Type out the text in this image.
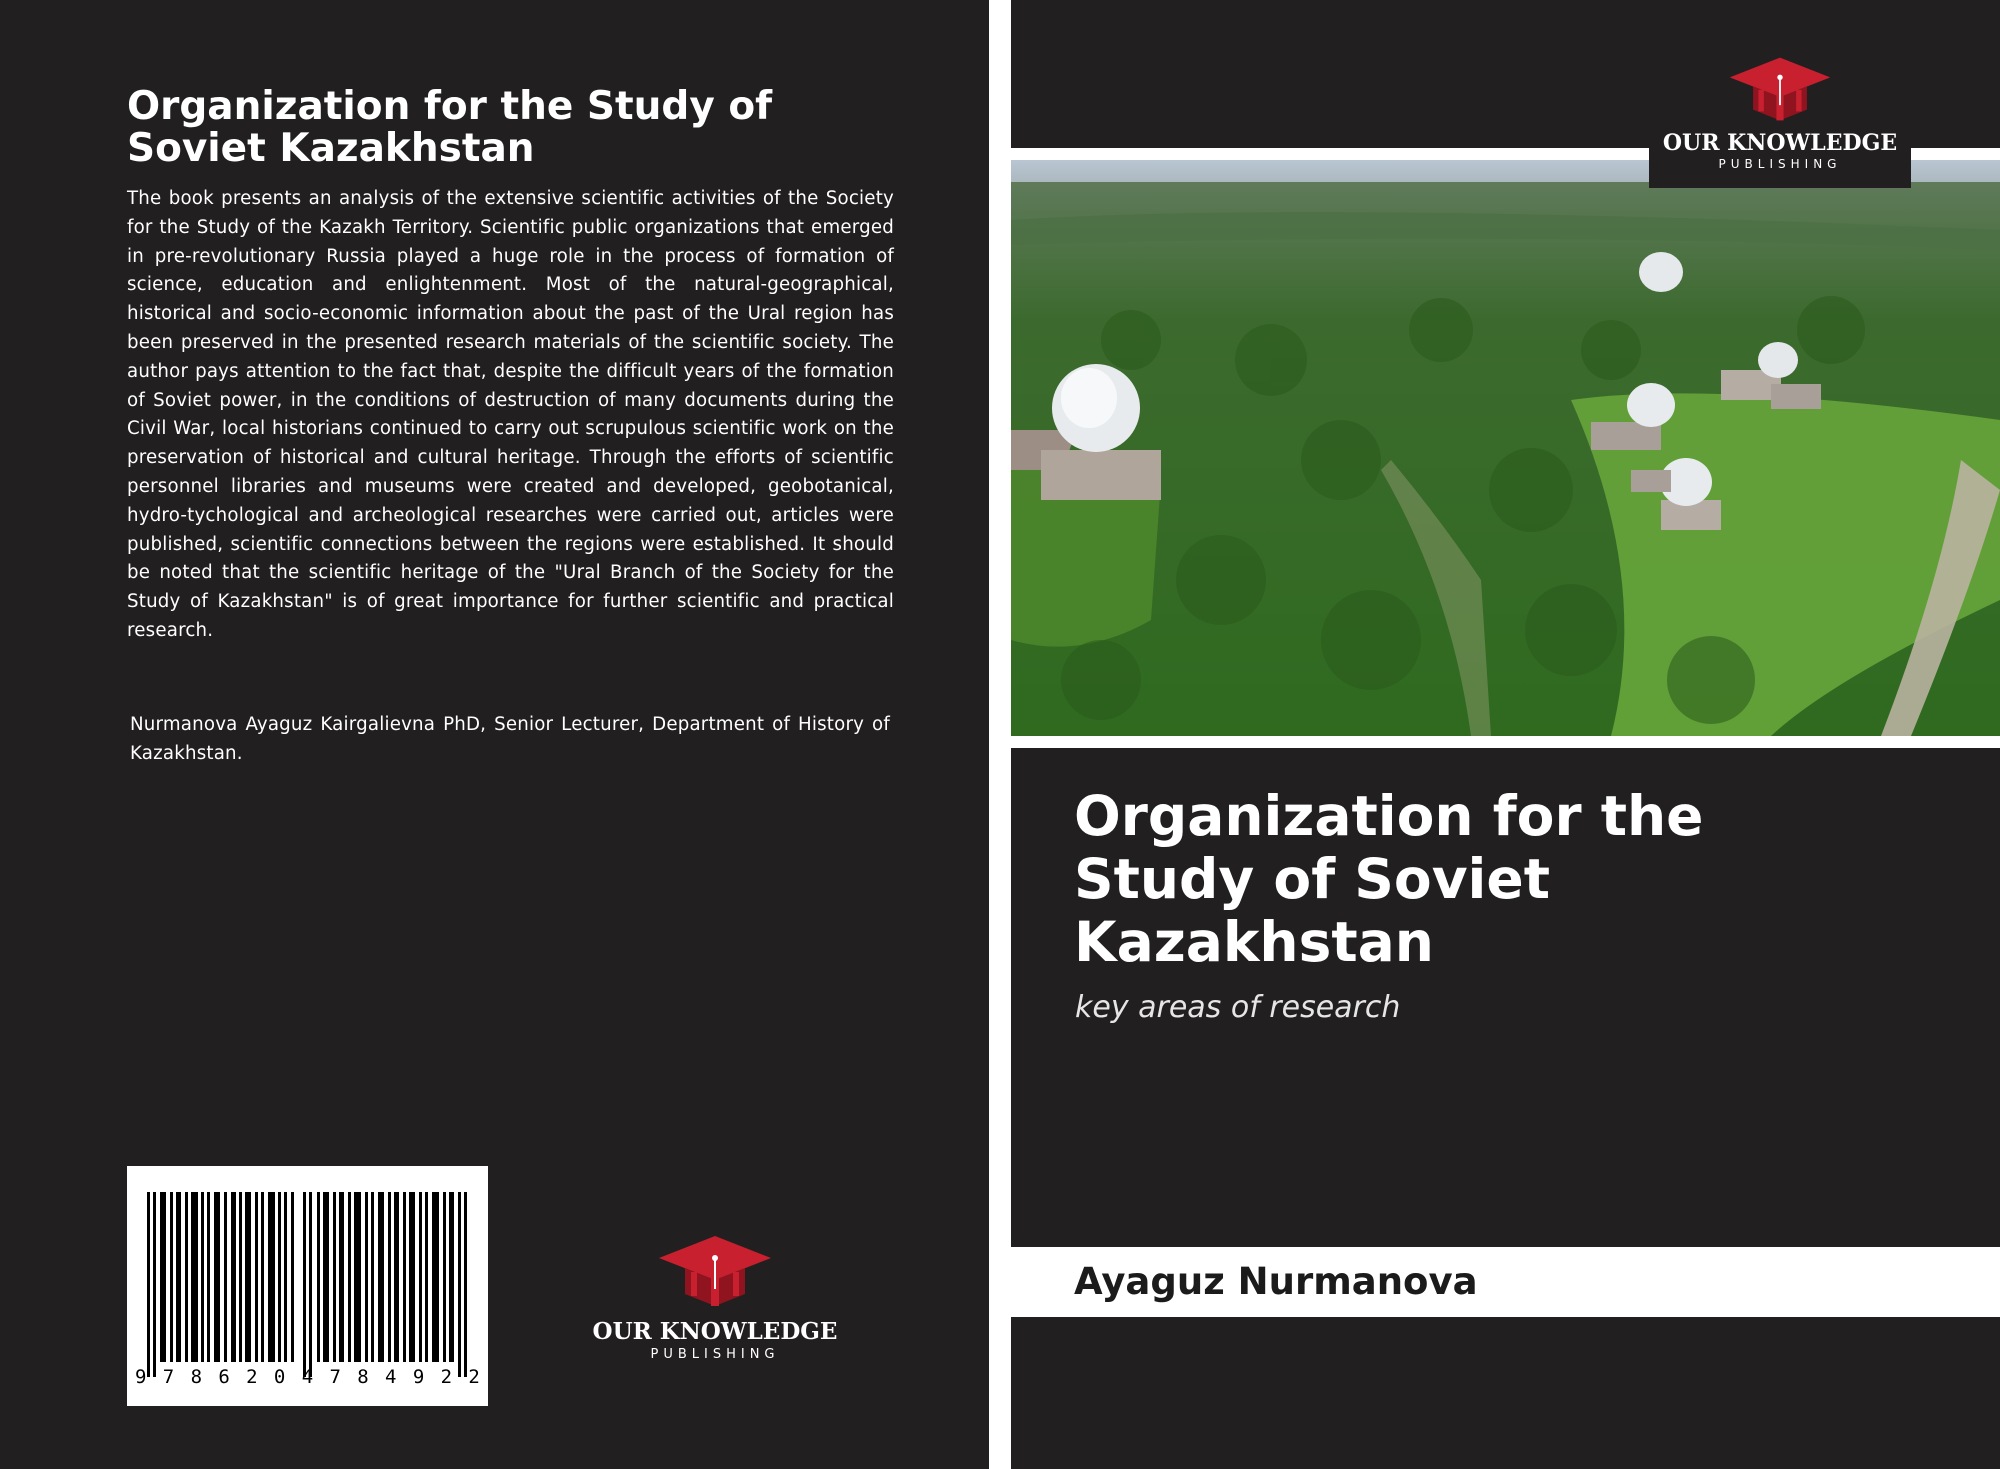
Organization for the Study of Soviet Kazakhstan

The book presents an analysis of the extensive scientific activities of the Society for the Study of the Kazakh Territory. Scientific public organizations that emerged in pre-revolutionary Russia played a huge role in the process of formation of science, education and enlightenment. Most of the natural-geographical, historical and socio-economic information about the past of the Ural region has been preserved in the presented research materials of the scientific society. The author pays attention to the fact that, despite the difficult years of the formation of Soviet power, in the conditions of destruction of many documents during the Civil War, local historians continued to carry out scrupulous scientific work on the preservation of historical and cultural heritage. Through the efforts of scientific personnel libraries and museums were created and developed, geobotanical, hydro-tychological and archeological researches were carried out, articles were published, scientific connections between the regions were established. It should be noted that the scientific heritage of the "Ural Branch of the Society for the Study of Kazakhstan" is of great importance for further scientific and practical research.

Nurmanova Ayaguz Kairgalievna PhD, Senior Lecturer, Department of History of Kazakhstan.

9 7 8 6 2 0 4 7 8 4 9 2 2
OUR KNOWLEDGE
PUBLISHING
OUR KNOWLEDGE
PUBLISHING
Organization for the Study of Soviet Kazakhstan

key areas of research

Ayaguz Nurmanova
